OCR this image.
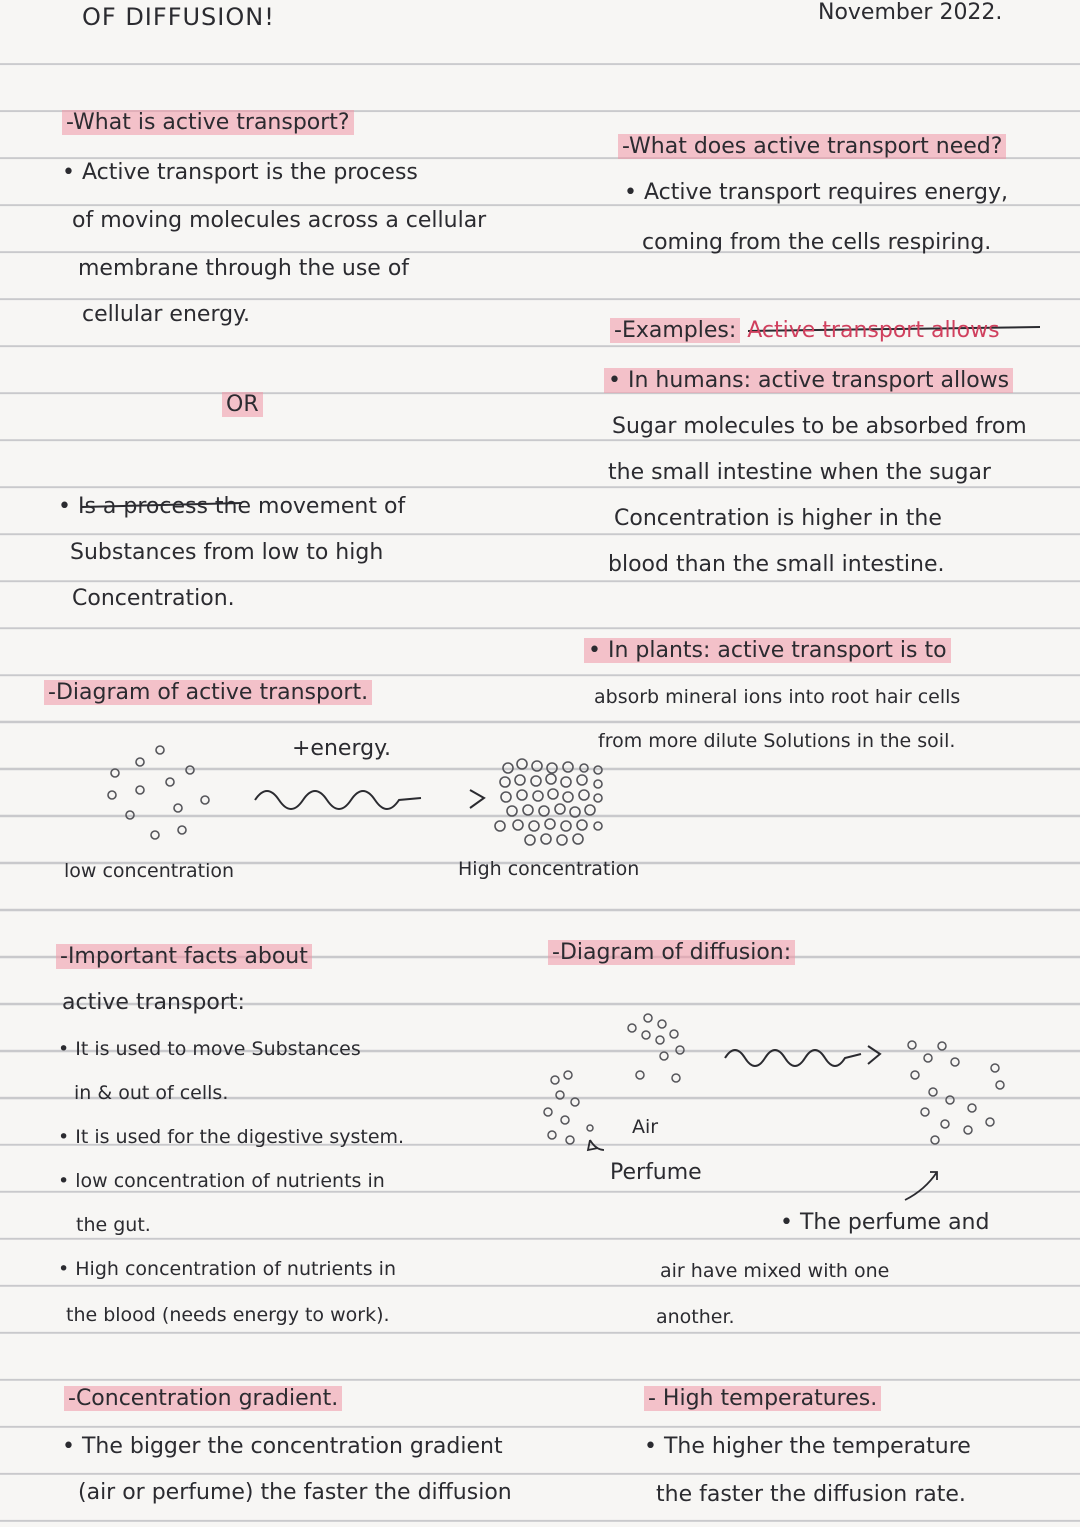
OF DIFFUSION!	November 2022.
-What is active transport?
• Active transport is the process
of moving molecules across a cellular
membrane through the use of
cellular energy.
OR
• Is a process the movement of
Substances from low to high
Concentration.
-Diagram of active transport.
+energy.
low concentration	High concentration
-Important facts about
active transport:
• It is used to move Substances
in & out of cells.
• It is used for the digestive system.
• low concentration of nutrients in
the gut.
• High concentration of nutrients in
the blood (needs energy to work).
-Concentration gradient.
• The bigger the concentration gradient
(air or perfume) the faster the diffusion
-What does active transport need?
• Active transport requires energy,
coming from the cells respiring.
-Examples: Active transport allows
• In humans: active transport allows
Sugar molecules to be absorbed from
the small intestine when the sugar
Concentration is higher in the
blood than the small intestine.
• In plants: active transport is to
absorb mineral ions into root hair cells
from more dilute Solutions in the soil.
-Diagram of diffusion:
Air
Perfume
• The perfume and
air have mixed with one
another.
- High temperatures.
• The higher the temperature
the faster the diffusion rate.
